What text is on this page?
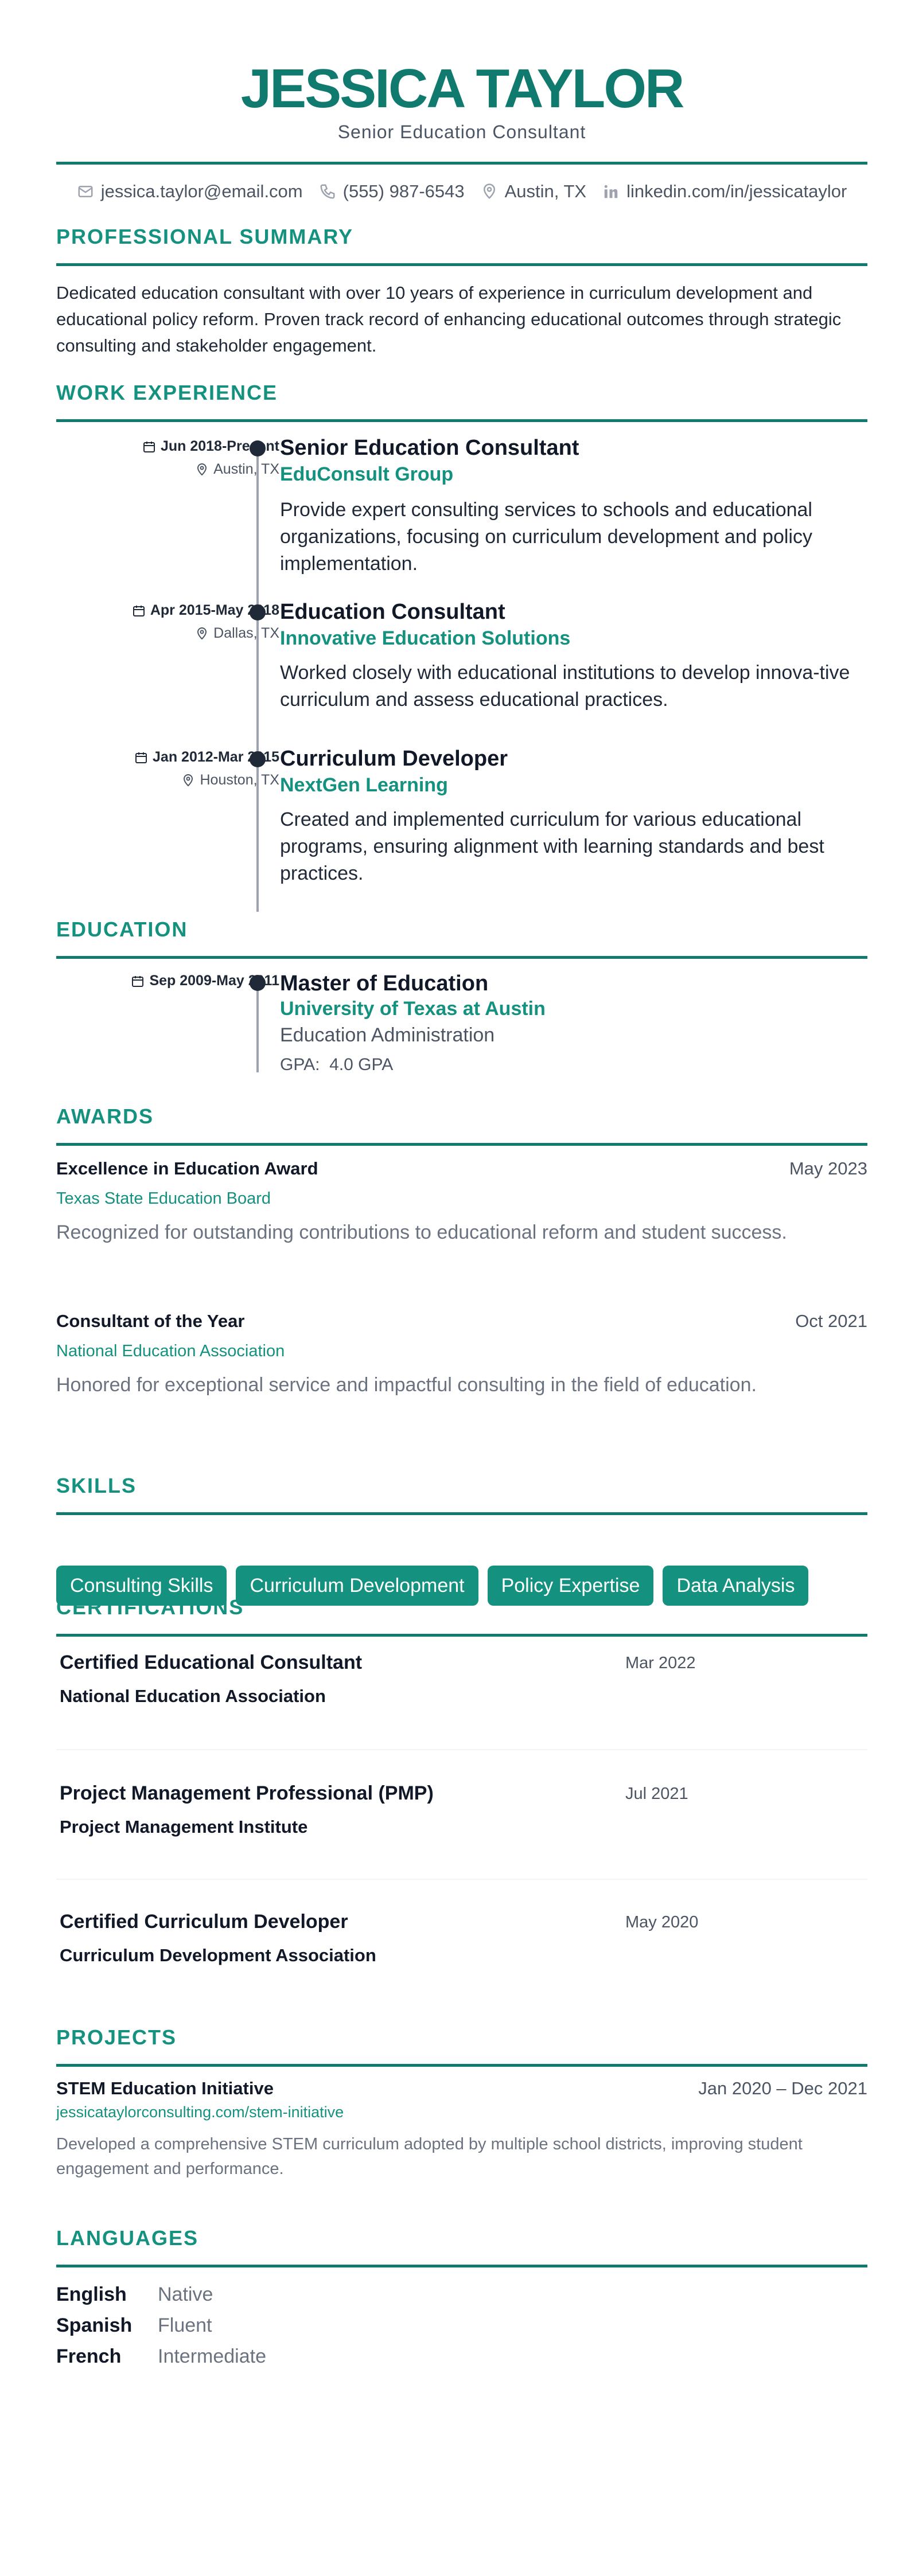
JESSICA TAYLOR
Senior Education Consultant
jessica.taylor@email.com (555) 987-6543 Austin, TX linkedin.com/in/jessicataylor
PROFESSIONAL SUMMARY
Dedicated education consultant with over 10 years of experience in curriculum development and educational policy reform. Proven track record of enhancing educational outcomes through strategic consulting and stakeholder engagement.
WORK EXPERIENCE
Jun 2018-Present
Austin, TX
Senior Education Consultant
EduConsult Group
Provide expert consulting services to schools and educational organizations, focusing on curriculum development and policy implementation.
Apr 2015-May 2018
Dallas, TX
Education Consultant
Innovative Education Solutions
Worked closely with educational institutions to develop innova-tive curriculum and assess educational practices.
Jan 2012-Mar 2015
Houston, TX
Curriculum Developer
NextGen Learning
Created and implemented curriculum for various educational programs, ensuring alignment with learning standards and best practices.
EDUCATION
Sep 2009-May 2011 Master of Education
University of Texas at Austin
Education Administration
GPA: 4.0 GPA
AWARDS
Excellence in Education Award	May 2023
Texas State Education Board
Recognized for outstanding contributions to educational reform and student success.
Consultant of the Year	Oct 2021
National Education Association
Honored for exceptional service and impactful consulting in the field of education.
SKILLS
Consulting Skills	Curriculum Development	Policy Expertise	Data Analysis
CERTIFICATIONS
Certified Educational Consultant	Mar 2022
National Education Association
Project Management Professional (PMP)	Jul 2021
Project Management Institute
Certified Curriculum Developer	May 2020
Curriculum Development Association
PROJECTS
STEM Education Initiative	Jan 2020 – Dec 2021
jessicataylorconsulting.com/stem-initiative
Developed a comprehensive STEM curriculum adopted by multiple school districts, improving student engagement and performance.
LANGUAGES
English Native
Spanish Fluent
French Intermediate
